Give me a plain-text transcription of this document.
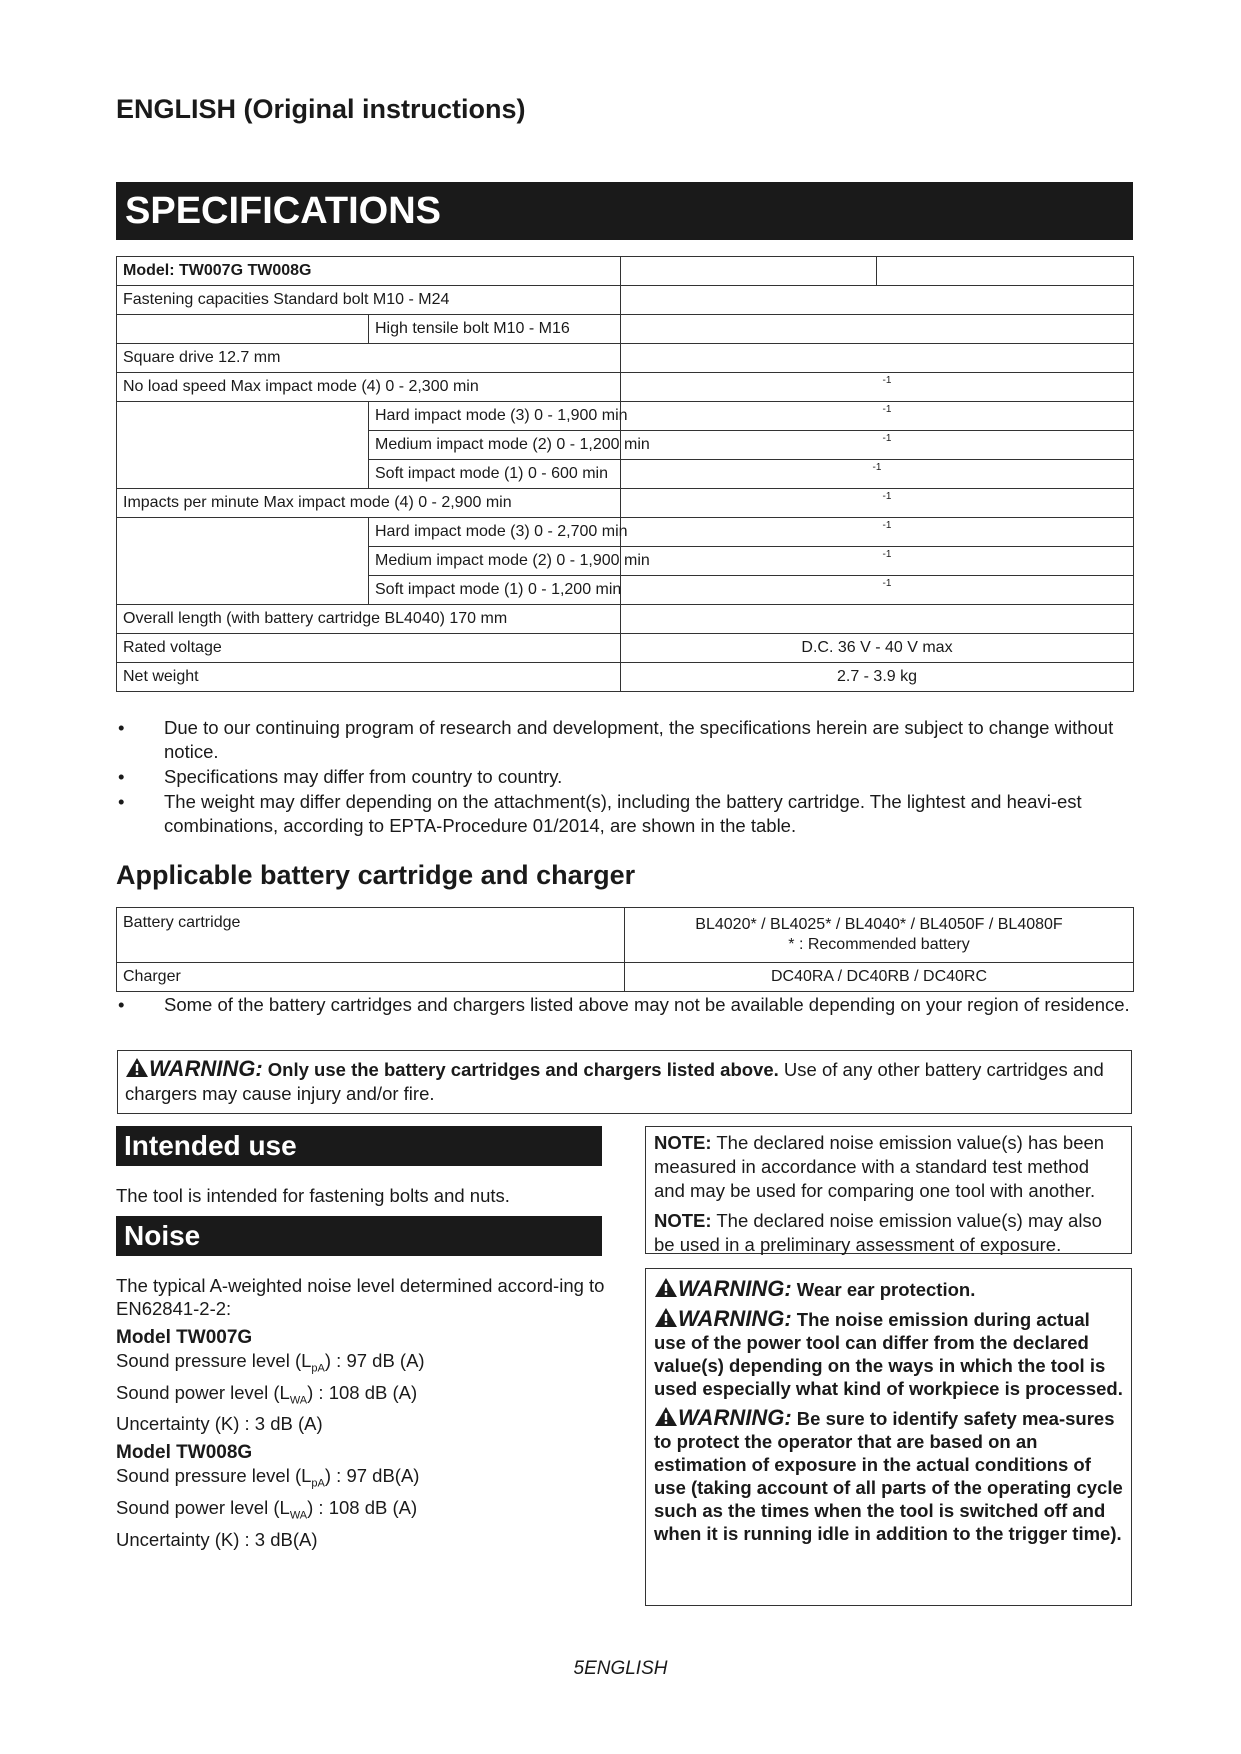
ENGLISH (Original instructions)
SPECIFICATIONS
Model: TW007G TW008G			
Fastening capacities Standard bolt M10 - M24			
	High tensile bolt M10 - M16		
Square drive 12.7 mm			
No load speed Max impact mode (4) 0 - 2,300 min		$^{-1}$
	Hard impact mode (3) 0 - 1,900 min	$^{-1}$
	Medium impact mode (2) 0 - 1,200 min	$^{-1}$
	Soft impact mode (1) 0 - 600 min	$^{-1}$
Impacts per minute Max impact mode (4) 0 - 2,900 min		$^{-1}$
	Hard impact mode (3) 0 - 2,700 min	$^{-1}$
	Medium impact mode (2) 0 - 1,900 min	$^{-1}$
	Soft impact mode (1) 0 - 1,200 min	$^{-1}$
Overall length (with battery cartridge BL4040) 170 mm			
Rated voltage		D.C. 36 V - 40 V max	
Net weight		2.7 - 3.9 kg	
• Due to our continuing program of research and development, the specifications herein are subject to change without notice.
• Specifications may differ from country to country.
• The weight may differ depending on the attachment(s), including the battery cartridge. The lightest and heavi-est combinations, according to EPTA-Procedure 01/2014, are shown in the table.
Applicable battery cartridge and charger
Battery cartridge	BL4020* / BL4025* / BL4040* / BL4050F / BL4080F
* : Recommended battery

Charger	DC40RA / DC40RB / DC40RC
• Some of the battery cartridges and chargers listed above may not be available depending on your region of residence.
WARNING: Only use the battery cartridges and chargers listed above. Use of any other battery cartridges and chargers may cause injury and/or fire.
Intended use
The tool is intended for fastening bolts and nuts.
Noise

The typical A-weighted noise level determined accord-ing to EN62841-2-2:

Model TW007G
Sound pressure level $(L_{pA})$ : 97 dB (A)
Sound power level $(L_{WA})$ : 108 dB (A)
Uncertainty (K) : 3 dB (A)
Model TW008G
Sound pressure level $(L_{pA})$ : 97 dB(A)
Sound power level $(L_{WA})$ : 108 dB (A)
Uncertainty (K) : 3 dB(A)
NOTE: The declared noise emission value(s) has been measured in accordance with a standard test method and may be used for comparing one tool with another.
NOTE: The declared noise emission value(s) may also be used in a preliminary assessment of exposure.

WARNING: Wear ear protection.

WARNING: The noise emission during actual use of the power tool can differ from the declared value(s) depending on the ways in which the tool is used especially what kind of workpiece is processed.

WARNING: Be sure to identify safety mea-sures to protect the operator that are based on an estimation of exposure in the actual conditions of use (taking account of all parts of the operating cycle such as the times when the tool is switched off and when it is running idle in addition to the trigger time).

5ENGLISH
